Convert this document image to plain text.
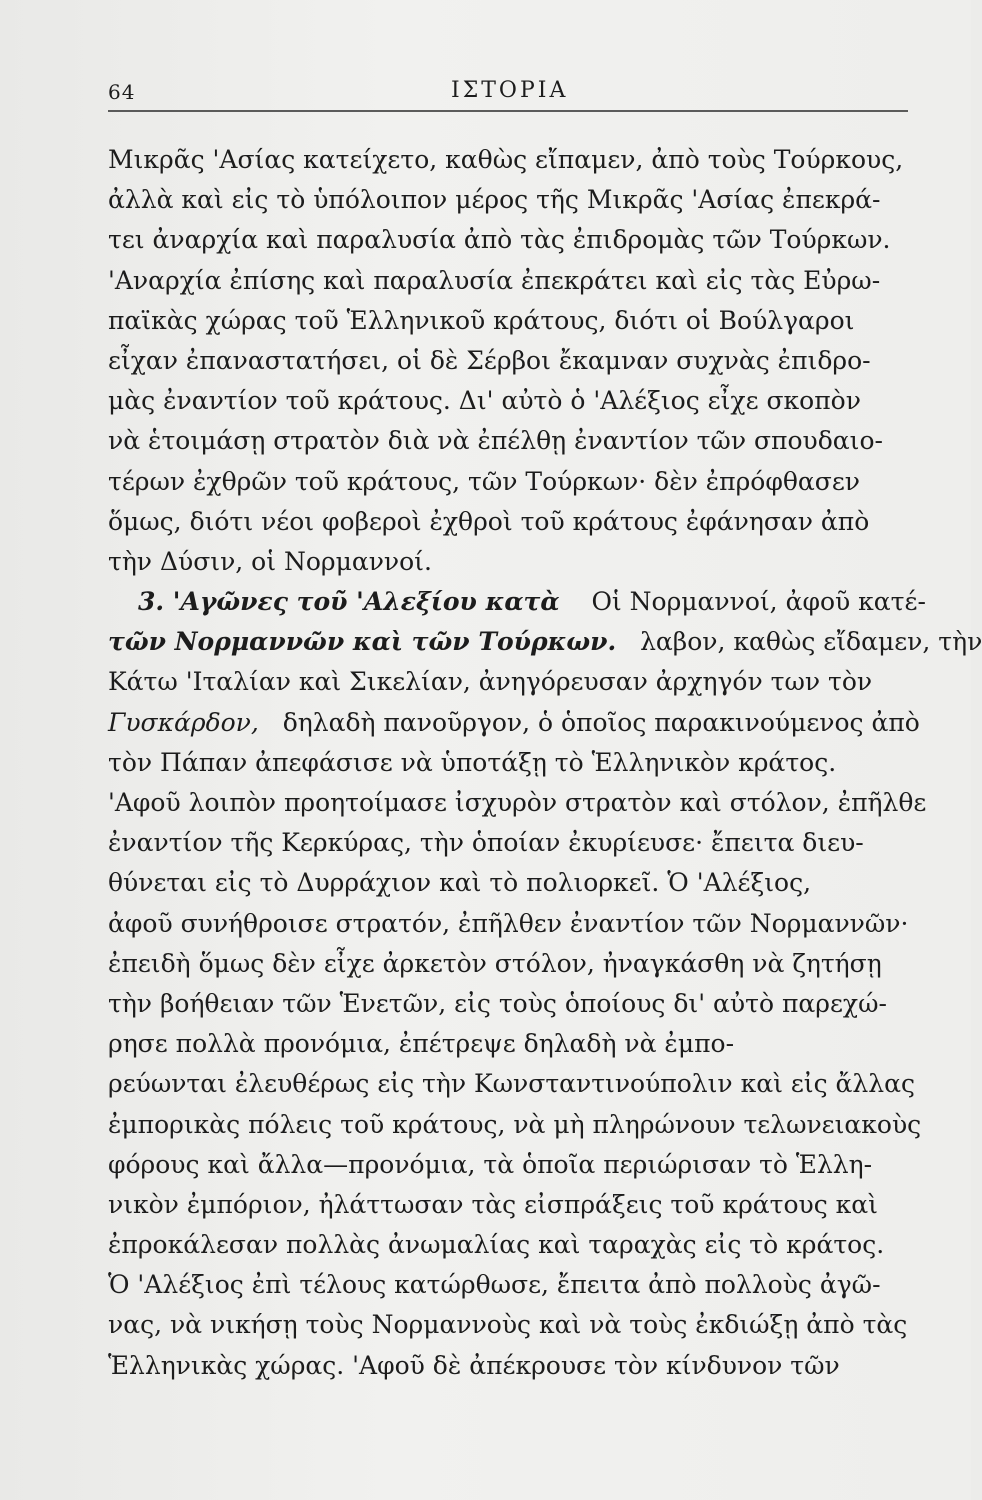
64	ΙΣΤΟΡΙΑ
Μικρᾶς 'Ασίας κατείχετο, καθὼς εἴπαμεν, ἀπὸ τοὺς Τούρκους,
ἀλλὰ καὶ εἰς τὸ ὑπόλοιπον μέρος τῆς Μικρᾶς 'Ασίας ἐπεκρά-
τει ἀναρχία καὶ παραλυσία ἀπὸ τὰς ἐπιδρομὰς τῶν Τούρκων.
'Αναρχία ἐπίσης καὶ παραλυσία ἐπεκράτει καὶ εἰς τὰς Εὐρω-
παϊκὰς χώρας τοῦ Ἑλληνικοῦ κράτους, διότι οἱ Βούλγαροι
εἶχαν ἐπαναστατήσει, οἱ δὲ Σέρβοι ἔκαμναν συχνὰς ἐπιδρο-
μὰς ἐναντίον τοῦ κράτους. Δι' αὐτὸ ὁ 'Αλέξιος εἶχε σκοπὸν
νὰ ἑτοιμάσῃ στρατὸν διὰ νὰ ἐπέλθῃ ἐναντίον τῶν σπουδαιο-
τέρων ἐχθρῶν τοῦ κράτους, τῶν Τούρκων· δὲν ἐπρόφθασεν
ὅμως, διότι νέοι φοβεροὶ ἐχθροὶ τοῦ κράτους ἐφάνησαν ἀπὸ
τὴν Δύσιν, οἱ Νορμαννοί.
3. 'Αγῶνες τοῦ 'Αλεξίου κατὰ Οἱ Νορμαννοί, ἀφοῦ κατέ-
τῶν Νορμαννῶν καὶ τῶν Τούρκων. λαβον, καθὼς εἴδαμεν, τὴν
Κάτω 'Ιταλίαν καὶ Σικελίαν, ἀνηγόρευσαν ἀρχηγόν των τὸν
Γυσκάρδον, δηλαδὴ πανοῦργον, ὁ ὁποῖος παρακινούμενος ἀπὸ
τὸν Πάπαν ἀπεφάσισε νὰ ὑποτάξῃ τὸ Ἑλληνικὸν κράτος.
'Αφοῦ λοιπὸν προητοίμασε ἰσχυρὸν στρατὸν καὶ στόλον, ἐπῆλθε
ἐναντίον τῆς Κερκύρας, τὴν ὁποίαν ἐκυρίευσε· ἔπειτα διευ-
θύνεται εἰς τὸ Δυρράχιον καὶ τὸ πολιορκεῖ. Ὁ 'Αλέξιος,
ἀφοῦ συνήθροισε στρατόν, ἐπῆλθεν ἐναντίον τῶν Νορμαννῶν·
ἐπειδὴ ὅμως δὲν εἶχε ἀρκετὸν στόλον, ἠναγκάσθη νὰ ζητήσῃ
τὴν βοήθειαν τῶν Ἑνετῶν, εἰς τοὺς ὁποίους δι' αὐτὸ παρεχώ-
ρησε πολλὰ προνόμια, ἐπέτρεψε δηλαδὴ νὰ ἐμπο-
ρεύωνται ἐλευθέρως εἰς τὴν Κωνσταντινούπολιν καὶ εἰς ἄλλας
ἐμπορικὰς πόλεις τοῦ κράτους, νὰ μὴ πληρώνουν τελωνειακοὺς
φόρους καὶ ἄλλα—προνόμια, τὰ ὁποῖα περιώρισαν τὸ Ἑλλη-
νικὸν ἐμπόριον, ἠλάττωσαν τὰς εἰσπράξεις τοῦ κράτους καὶ
ἐπροκάλεσαν πολλὰς ἀνωμαλίας καὶ ταραχὰς εἰς τὸ κράτος.
Ὁ 'Αλέξιος ἐπὶ τέλους κατώρθωσε, ἔπειτα ἀπὸ πολλοὺς ἀγῶ-
νας, νὰ νικήσῃ τοὺς Νορμαννοὺς καὶ νὰ τοὺς ἐκδιώξῃ ἀπὸ τὰς
Ἑλληνικὰς χώρας. 'Αφοῦ δὲ ἀπέκρουσε τὸν κίνδυνον τῶν
